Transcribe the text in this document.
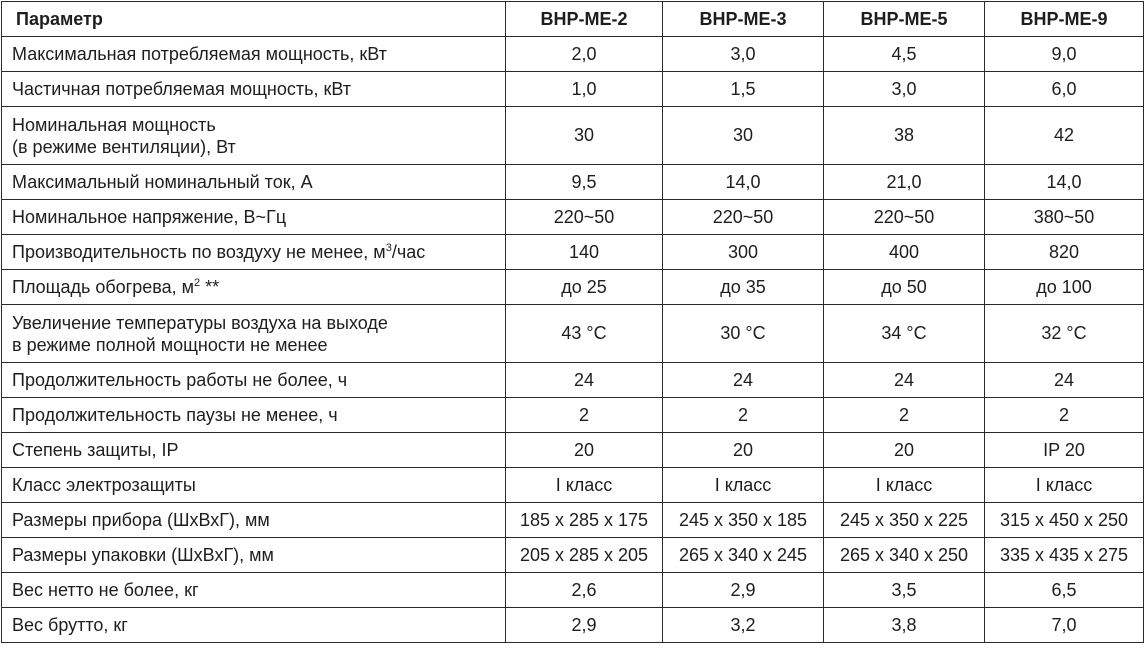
Параметр	ВНР-МЕ-2	ВНР-МЕ-3	ВНР-МЕ-5	ВНР-МЕ-9
Максимальная потребляемая мощность, кВт	2,0	3,0	4,5	9,0
Частичная потребляемая мощность, кВт	1,0	1,5	3,0	6,0

Номинальная мощность
(в режиме вентиляции), Вт	30	30	38	42
Максимальный номинальный ток, А	9,5	14,0	21,0	14,0
Номинальное напряжение, В~Гц	220~50	220~50	220~50	380~50
Производительность по воздуху не менее, $м^3$/час	140	300	400	820
Площадь обогрева, $м^2$ **	до 25	до 35	до 50	до 100

Увеличение температуры воздуха на выходе
в режиме полной мощности не менее	43 °C	30 °C	34 °C	32 °C
Продолжительность работы не более, ч	24	24	24	24
Продолжительность паузы не менее, ч	2	2	2	2
Степень защиты, IP	20	20	20	IP 20
Класс электрозащиты	I класс	I класс	I класс	I класс
Размеры прибора (ШхВхГ), мм	185 х 285 х 175	245 х 350 х 185	245 х 350 х 225	315 х 450 х 250
Размеры упаковки (ШхВхГ), мм	205 х 285 х 205	265 х 340 х 245	265 х 340 х 250	335 х 435 х 275
Вес нетто не более, кг	2,6	2,9	3,5	6,5
Вес брутто, кг	2,9	3,2	3,8	7,0
